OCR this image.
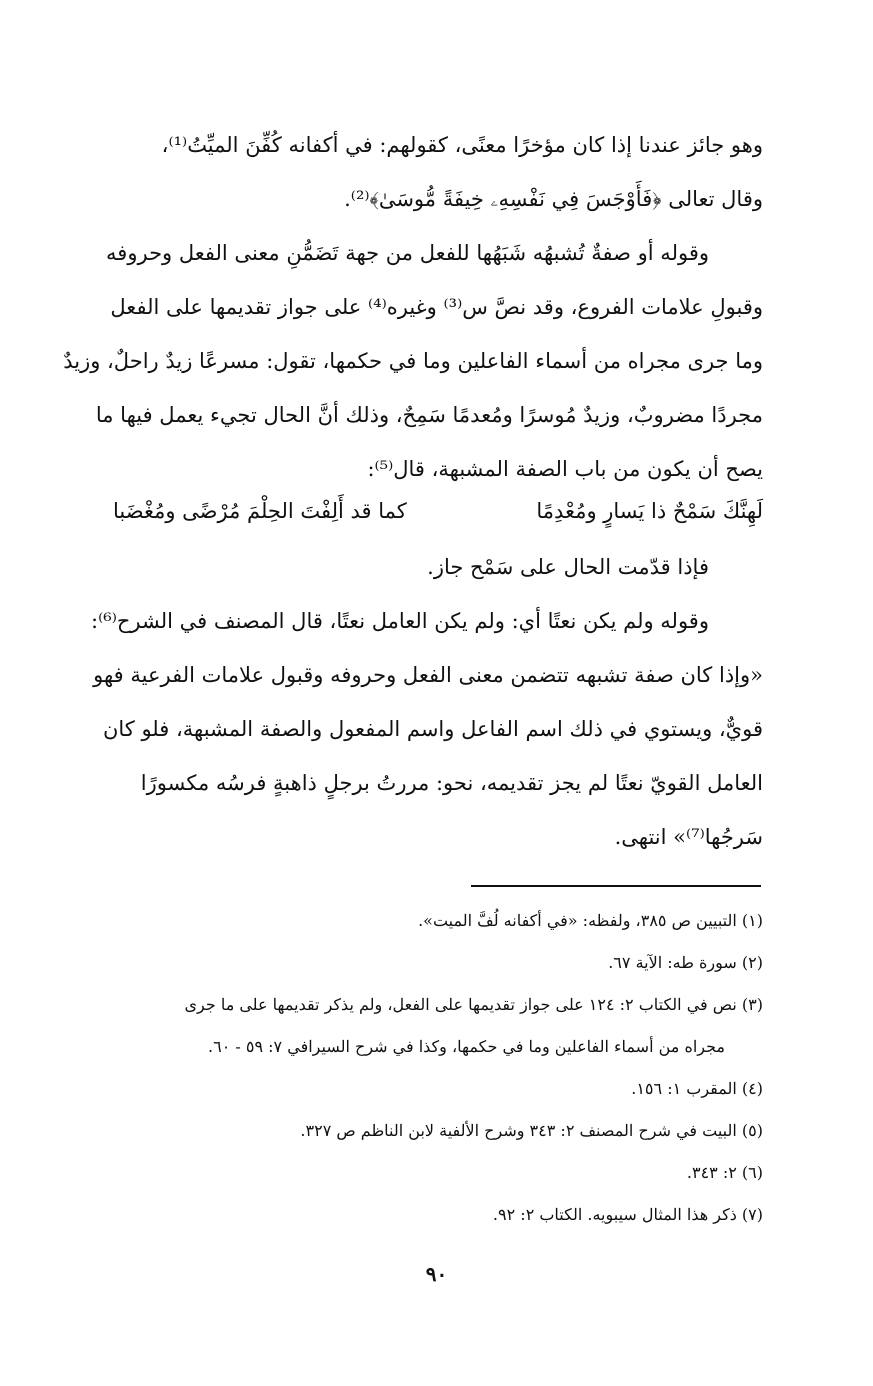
وهو جائز عندنا إذا كان مؤخرًا معنًى، كقولهم: في أكفانه كُفِّنَ الميِّتُ⁽¹⁾،
وقال تعالى ﴿فَأَوْجَسَ فِي نَفْسِهِۦ خِيفَةً مُّوسَىٰ﴾⁽²⁾.
وقوله أو صفةٌ تُشبهُه شَبَهُها للفعل من جهة تَضَمُّنِ معنى الفعل وحروفه
وقبولِ علامات الفروع، وقد نصَّ س⁽³⁾ وغيره⁽⁴⁾ على جواز تقديمها على الفعل
وما جرى مجراه من أسماء الفاعلين وما في حكمها، تقول: مسرعًا زيدٌ راحلٌ، وزيدٌ
مجردًا مضروبٌ، وزيدٌ مُوسرًا ومُعدمًا سَمِحٌ، وذلك أنَّ الحال تجيء يعمل فيها ما
يصح أن يكون من باب الصفة المشبهة، قال⁽⁵⁾:
لَهِنَّكَ سَمْحٌ ذا يَسارٍ ومُعْدِمًا
كما قد أَلِفْتَ الحِلْمَ مُرْضًى ومُغْضَبا
فإذا قدّمت الحال على سَمْح جاز.
وقوله ولم يكن نعتًا أي: ولم يكن العامل نعتًا، قال المصنف في الشرح⁽⁶⁾:
«وإذا كان صفة تشبهه تتضمن معنى الفعل وحروفه وقبول علامات الفرعية فهو
قويٌّ، ويستوي في ذلك اسم الفاعل واسم المفعول والصفة المشبهة، فلو كان
العامل القويّ نعتًا لم يجز تقديمه، نحو: مررتُ برجلٍ ذاهبةٍ فرسُه مكسورًا
سَرجُها⁽⁷⁾» انتهى.
(١) التبيين ص ٣٨٥، ولفظه: «في أكفانه لُفَّ الميت».
(٢) سورة طه: الآية ٦٧.
(٣) نص في الكتاب ٢: ١٢٤ على جواز تقديمها على الفعل، ولم يذكر تقديمها على ما جرى
مجراه من أسماء الفاعلين وما في حكمها، وكذا في شرح السيرافي ٧: ٥٩ - ٦٠.
(٤) المقرب ١: ١٥٦.
(٥) البيت في شرح المصنف ٢: ٣٤٣ وشرح الألفية لابن الناظم ص ٣٢٧.
(٦) ٢: ٣٤٣.
(٧) ذكر هذا المثال سيبويه. الكتاب ٢: ٩٢.
٩٠
